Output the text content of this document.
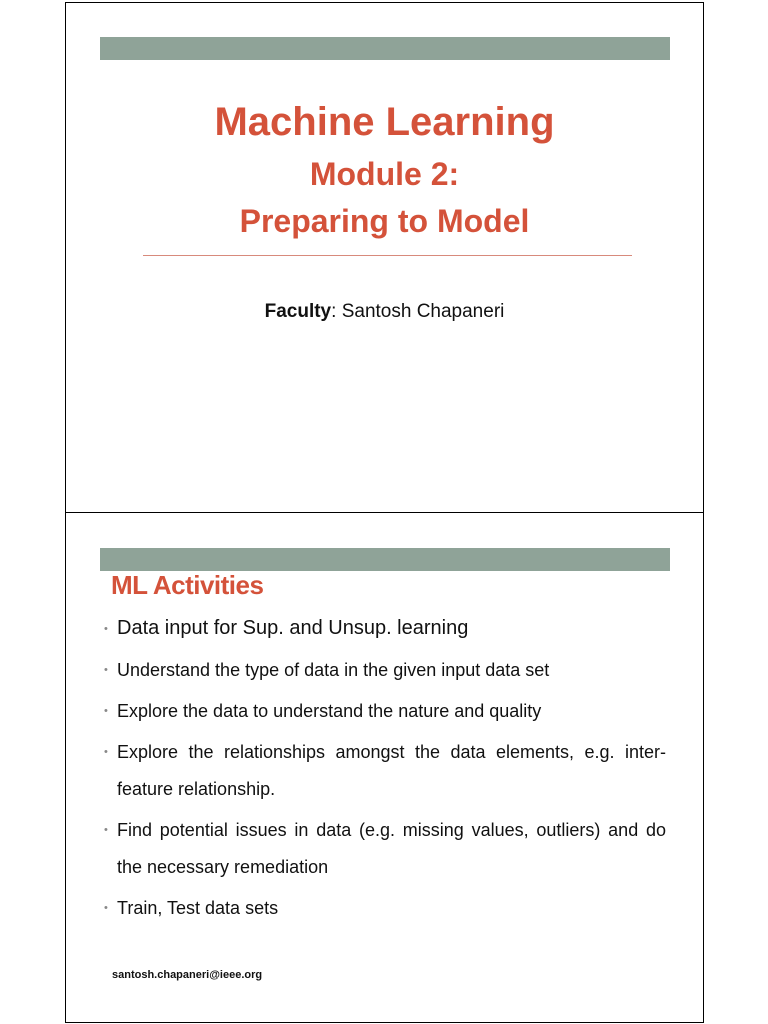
Machine Learning
Module 2:
Preparing to Model
Faculty: Santosh Chapaneri
2
ML Activities
• Data input for Sup. and Unsup. learning
• Understand the type of data in the given input data set
• Explore the data to understand the nature and quality
• Explore the relationships amongst the data elements, e.g. inter-feature relationship.
• Find potential issues in data (e.g. missing values, outliers) and do the necessary remediation
• Train, Test data sets
santosh.chapaneri@ieee.org
